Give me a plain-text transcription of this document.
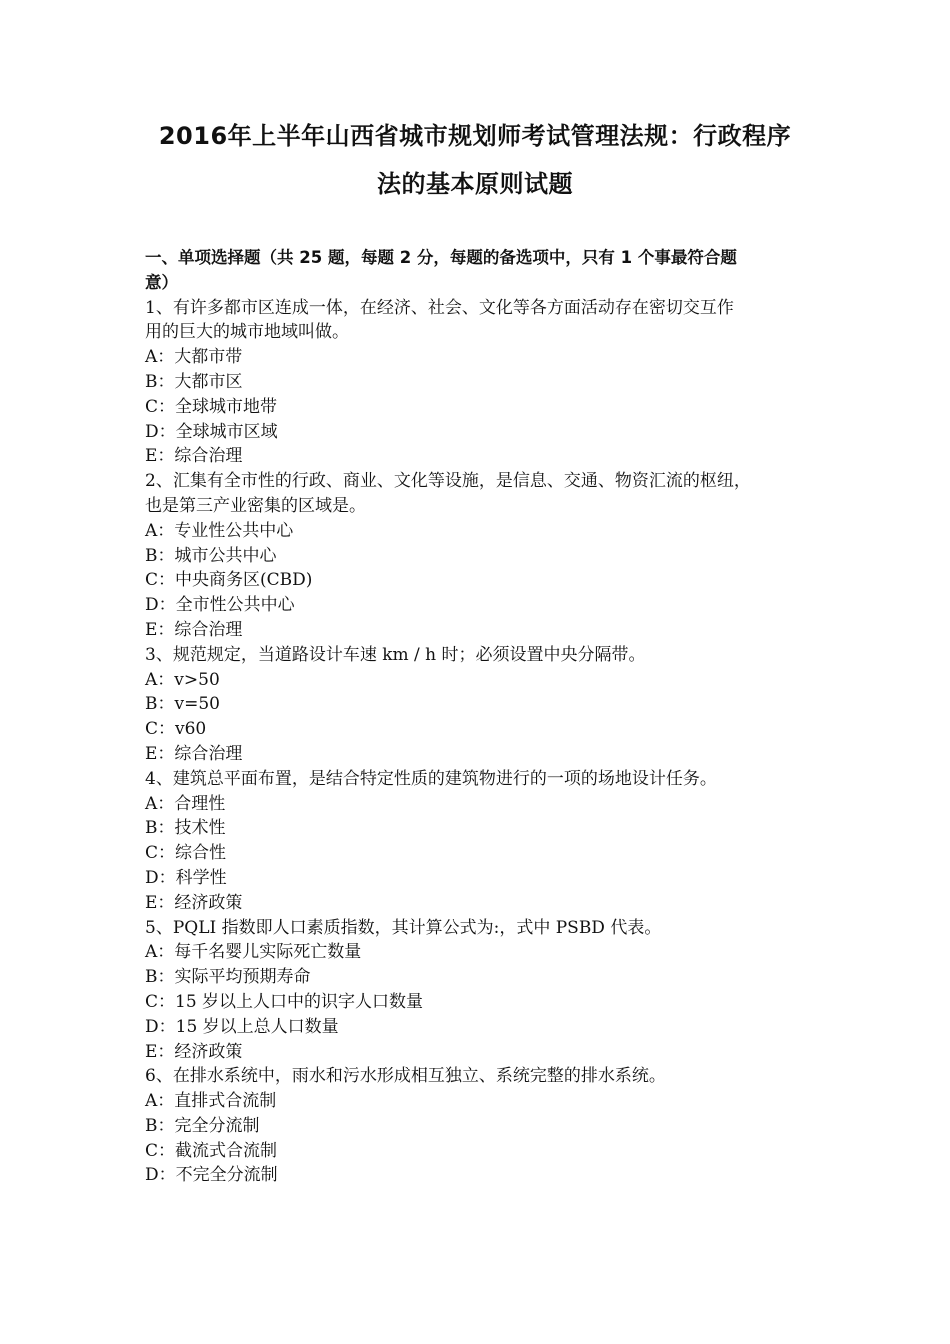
2016年上半年山西省城市规划师考试管理法规：行政程序
法的基本原则试题
一、单项选择题（共 25 题，每题 2 分，每题的备选项中，只有 1 个事最符合题
意）
1、有许多都市区连成一体，在经济、社会、文化等各方面活动存在密切交互作
用的巨大的城市地域叫做。
A：大都市带
B：大都市区
C：全球城市地带
D：全球城市区域
E：综合治理
2、汇集有全市性的行政、商业、文化等设施，是信息、交通、物资汇流的枢纽，
也是第三产业密集的区域是。
A：专业性公共中心
B：城市公共中心
C：中央商务区(CBD)
D：全市性公共中心
E：综合治理
3、规范规定，当道路设计车速 km / h 时；必须设置中央分隔带。
A：v>50
B：v=50
C：v60
E：综合治理
4、建筑总平面布置，是结合特定性质的建筑物进行的一项的场地设计任务。
A：合理性
B：技术性
C：综合性
D：科学性
E：经济政策
5、PQLI 指数即人口素质指数，其计算公式为:，式中 PSBD 代表。
A：每千名婴儿实际死亡数量
B：实际平均预期寿命
C：15 岁以上人口中的识字人口数量
D：15 岁以上总人口数量
E：经济政策
6、在排水系统中，雨水和污水形成相互独立、系统完整的排水系统。
A：直排式合流制
B：完全分流制
C：截流式合流制
D：不完全分流制
